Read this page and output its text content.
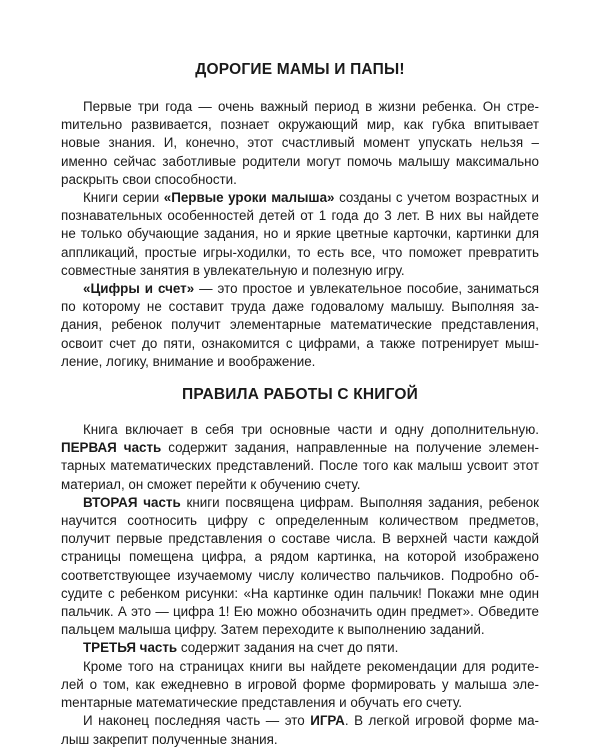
ДОРОГИЕ МАМЫ И ПАПЫ!

Первые три года — очень важный период в жизни ребенка. Он стреmительно развивается, познает окружающий мир, как губка впитывает новые знания. И, конечно, этот счастливый момент упускать нельзя – именно сейчас заботливые родители могут помочь малышу максимально раскрыть свои способности.

Книги серии «Первые уроки малыша» созданы с учетом возрастных и познавательных особенностей детей от 1 года до 3 лет. В них вы найдете не только обучающие задания, но и яркие цветные карточки, картинки для аппликаций, простые игры-ходилки, то есть все, что поможет превратить совместные занятия в увлекательную и полезную игру.

«Цифры и счет» — это простое и увлекательное пособие, заниматься по которому не составит труда даже годовалому малышу. Выполняя задания, ребенок получит элементарные математические представления, освоит счет до пяти, ознакомится с цифрами, а также потренирует мышление, логику, внимание и воображение.

ПРАВИЛА РАБОТЫ С КНИГОЙ

Книга включает в себя три основные части и одну дополнительную. ПЕРВАЯ часть содержит задания, направленные на получение элементарных математических представлений. После того как малыш усвоит этот материал, он сможет перейти к обучению счету.

ВТОРАЯ часть книги посвящена цифрам. Выполняя задания, ребенок научится соотносить цифру с определенным количеством предметов, получит первые представления о составе числа. В верхней части каждой страницы помещена цифра, а рядом картинка, на которой изображено соответствующее изучаемому числу количество пальчиков. Подробно обсудите с ребенком рисунки: «На картинке один пальчик! Покажи мне один пальчик. А это — цифра 1! Ею можно обозначить один предмет». Обведите пальцем малыша цифру. Затем переходите к выполнению заданий.

ТРЕТЬЯ часть содержит задания на счет до пяти.

Кроме того на страницах книги вы найдете рекомендации для родителей о том, как ежедневно в игровой форме формировать у малыша элеmентарные математические представления и обучать его счету.

И наконец последняя часть — это ИГРА. В легкой игровой форме малыш закрепит полученные знания.
